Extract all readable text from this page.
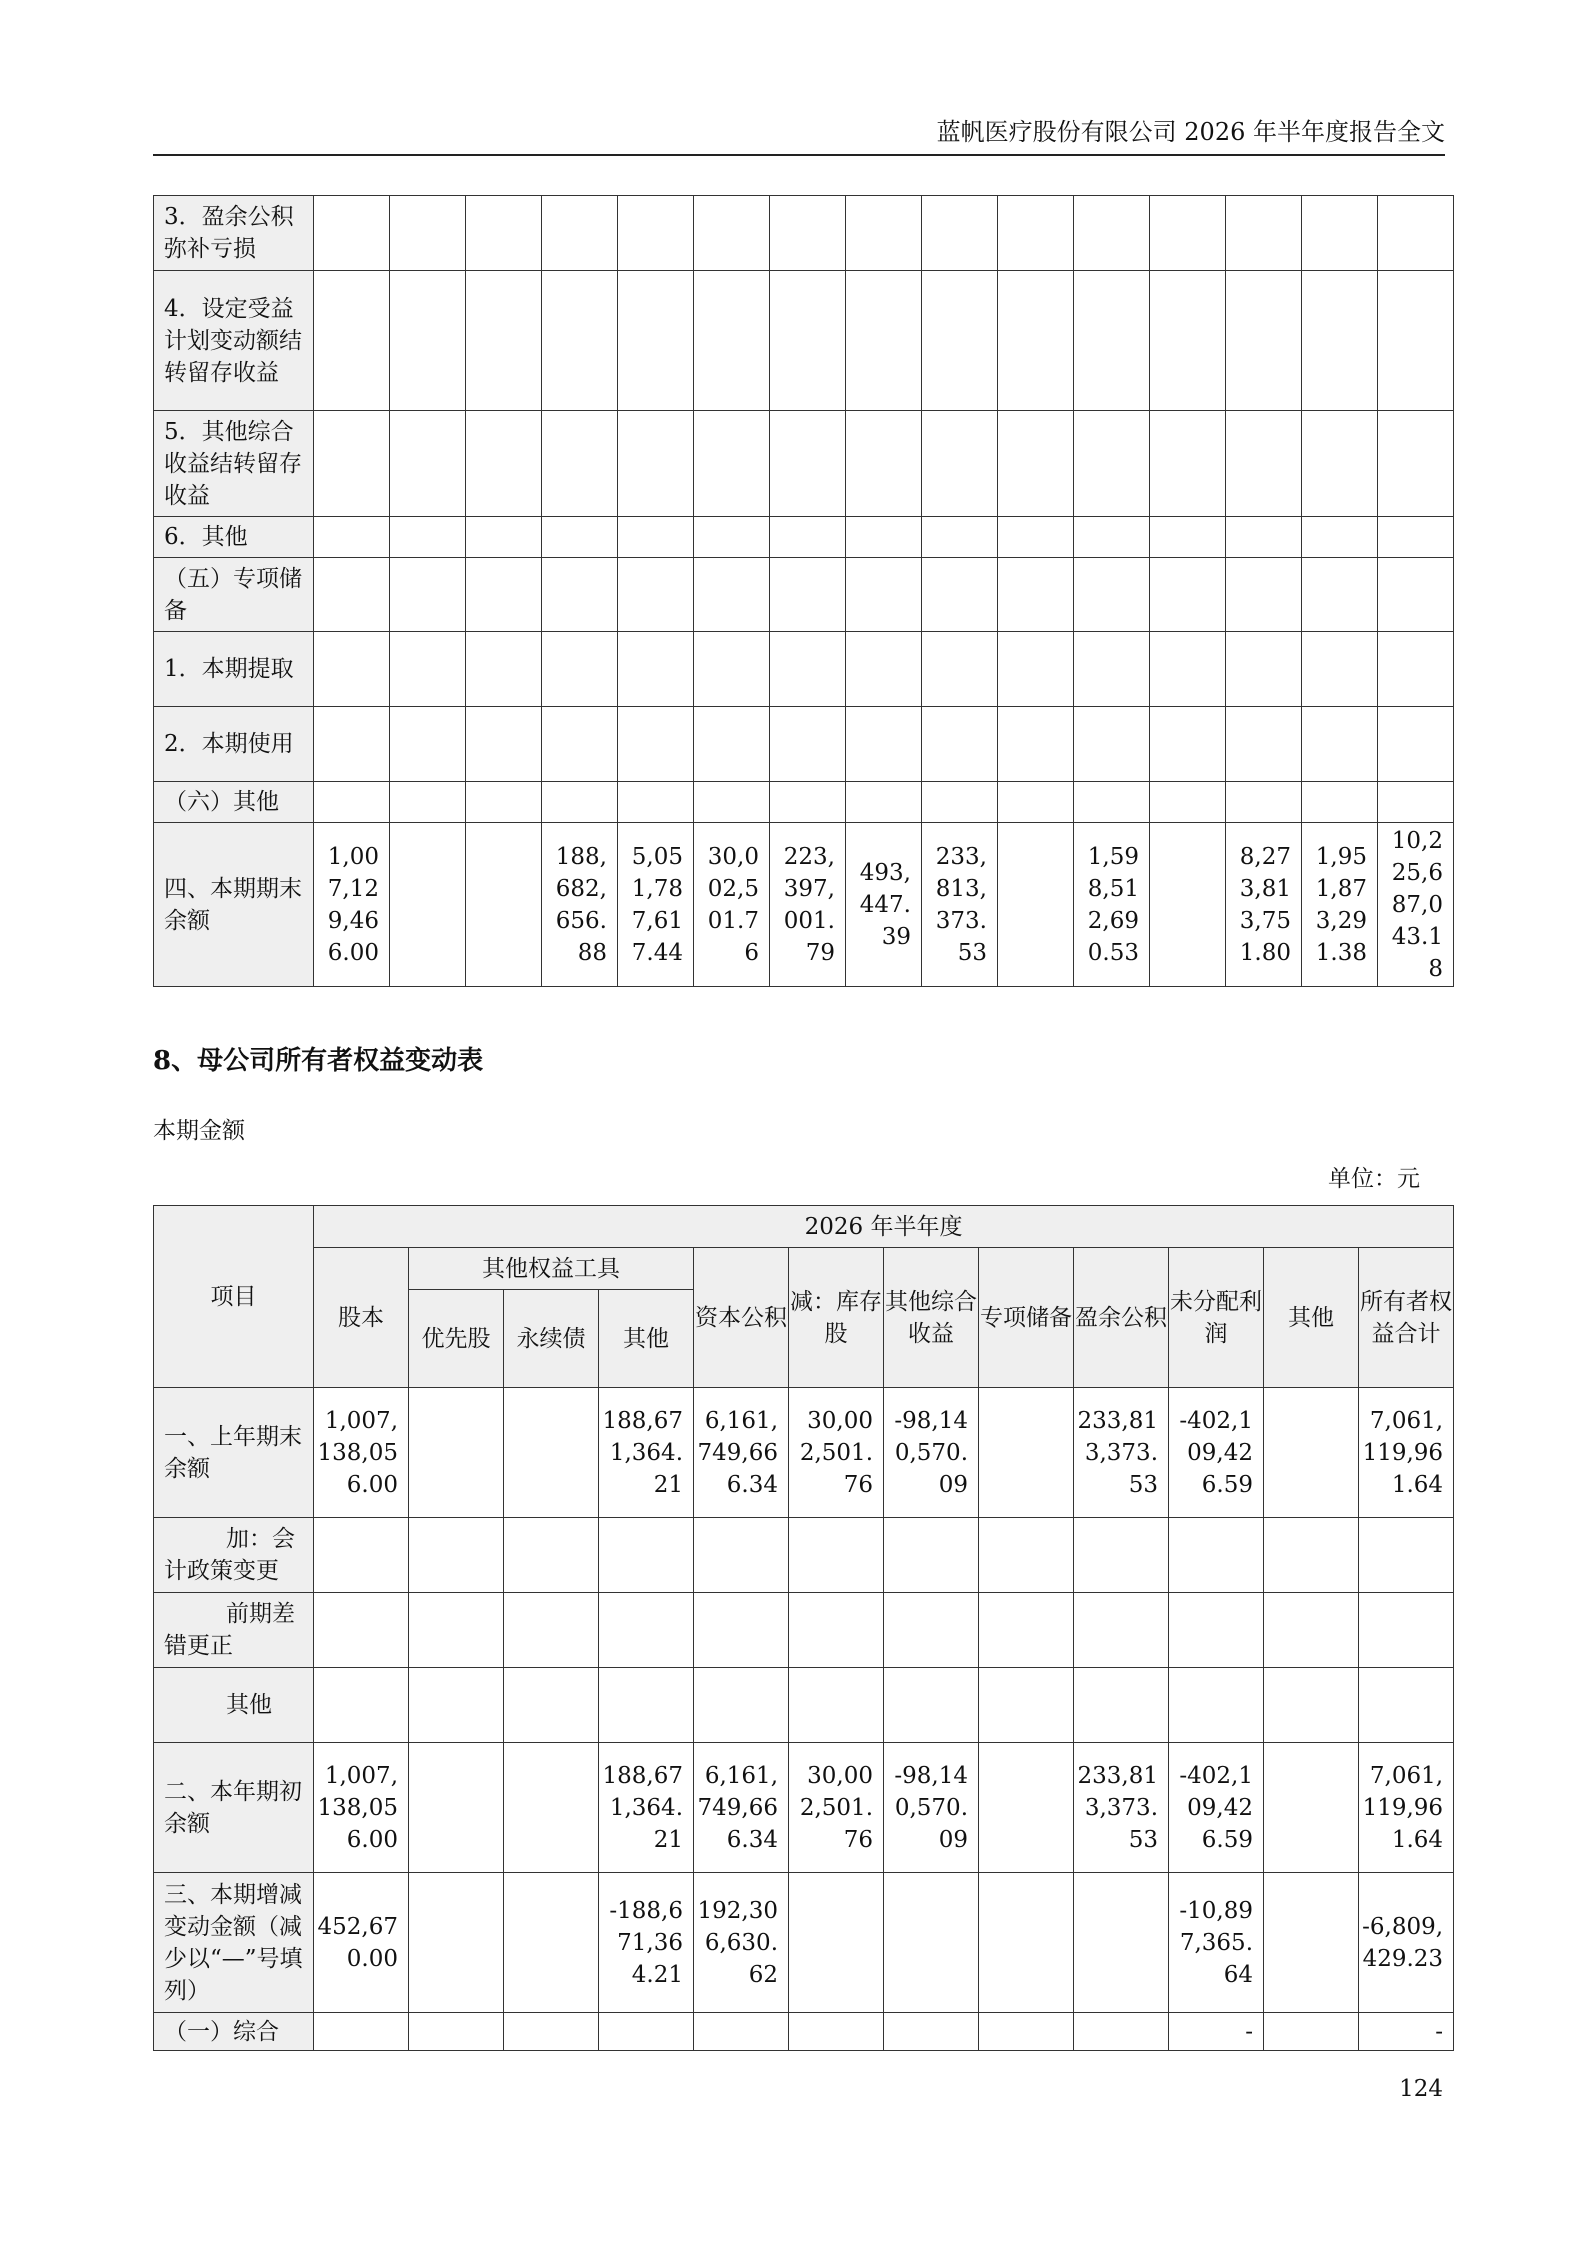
蓝帆医疗股份有限公司 2026 年半年度报告全文
3．盈余公积弥补亏损															
4．设定受益计划变动额结转留存收益															
5．其他综合收益结转留存收益															
6．其他															
（五）专项储备															
1．本期提取															
2．本期使用															
（六）其他															
四、本期期末余额	1,007,129,466.00			188,682,656.88	5,051,787,617.44	30,002,501.76	223,397,001.79	493,447.39	233,813,373.53		1,598,512,690.53		8,273,813,751.80	1,951,873,291.38	10,225,687,043.18
8、母公司所有者权益变动表
本期金额
单位：元
项目	2026 年半年度											
	股本	其他权益工具			资本公积	减：库存股	其他综合收益	专项储备	盈余公积	未分配利润	其他	所有者权益合计
		优先股	永续债	其他								
一、上年期末余额	1,007,138,056.00			188,671,364.21	6,161,749,666.34	30,002,501.76	-98,140,570.09		233,813,373.53	-402,109,426.59		7,061,119,961.64
加：会计政策变更												
前期差错更正												
其他												
二、本年期初余额	1,007,138,056.00			188,671,364.21	6,161,749,666.34	30,002,501.76	-98,140,570.09		233,813,373.53	-402,109,426.59		7,061,119,961.64
三、本期增减变动金额（减少以“—”号填列）	452,670.00			-188,671,364.21	192,306,630.62					-10,897,365.64		-6,809,429.23
（一）综合										-		-
124
